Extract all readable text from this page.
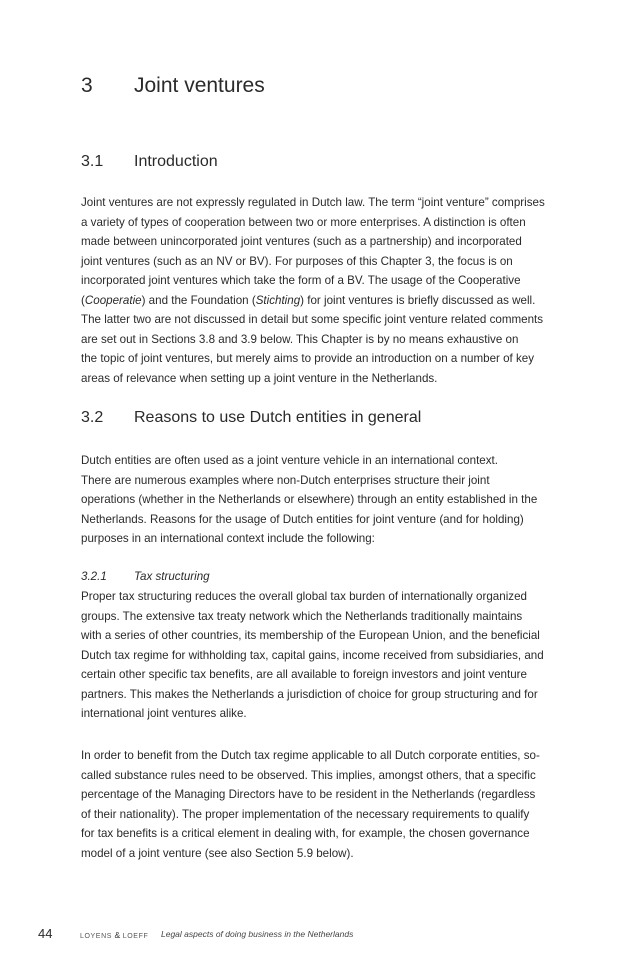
3 Joint ventures
3.1 Introduction

Joint ventures are not expressly regulated in Dutch law. The term “joint venture” comprises

a variety of types of cooperation between two or more enterprises. A distinction is often

made between unincorporated joint ventures (such as a partnership) and incorporated

joint ventures (such as an NV or BV). For purposes of this Chapter 3, the focus is on

incorporated joint ventures which take the form of a BV. The usage of the Cooperative

(Cooperatie) and the Foundation (Stichting) for joint ventures is briefly discussed as well.

The latter two are not discussed in detail but some specific joint venture related comments

are set out in Sections 3.8 and 3.9 below. This Chapter is by no means exhaustive on

the topic of joint ventures, but merely aims to provide an introduction on a number of key

areas of relevance when setting up a joint venture in the Netherlands.

3.2 Reasons to use Dutch entities in general

Dutch entities are often used as a joint venture vehicle in an international context.

There are numerous examples where non-Dutch enterprises structure their joint

operations (whether in the Netherlands or elsewhere) through an entity established in the

Netherlands. Reasons for the usage of Dutch entities for joint venture (and for holding)

purposes in an international context include the following:

3.2.1 Tax structuring

Proper tax structuring reduces the overall global tax burden of internationally organized

groups. The extensive tax treaty network which the Netherlands traditionally maintains

with a series of other countries, its membership of the European Union, and the beneficial

Dutch tax regime for withholding tax, capital gains, income received from subsidiaries, and

certain other specific tax benefits, are all available to foreign investors and joint venture

partners. This makes the Netherlands a jurisdiction of choice for group structuring and for

international joint ventures alike.

In order to benefit from the Dutch tax regime applicable to all Dutch corporate entities, so-

called substance rules need to be observed. This implies, amongst others, that a specific

percentage of the Managing Directors have to be resident in the Netherlands (regardless

of their nationality). The proper implementation of the necessary requirements to qualify

for tax benefits is a critical element in dealing with, for example, the chosen governance

model of a joint venture (see also Section 5.9 below).

44	LOYENS & LOEFF Legal aspects of doing business in the Netherlands
